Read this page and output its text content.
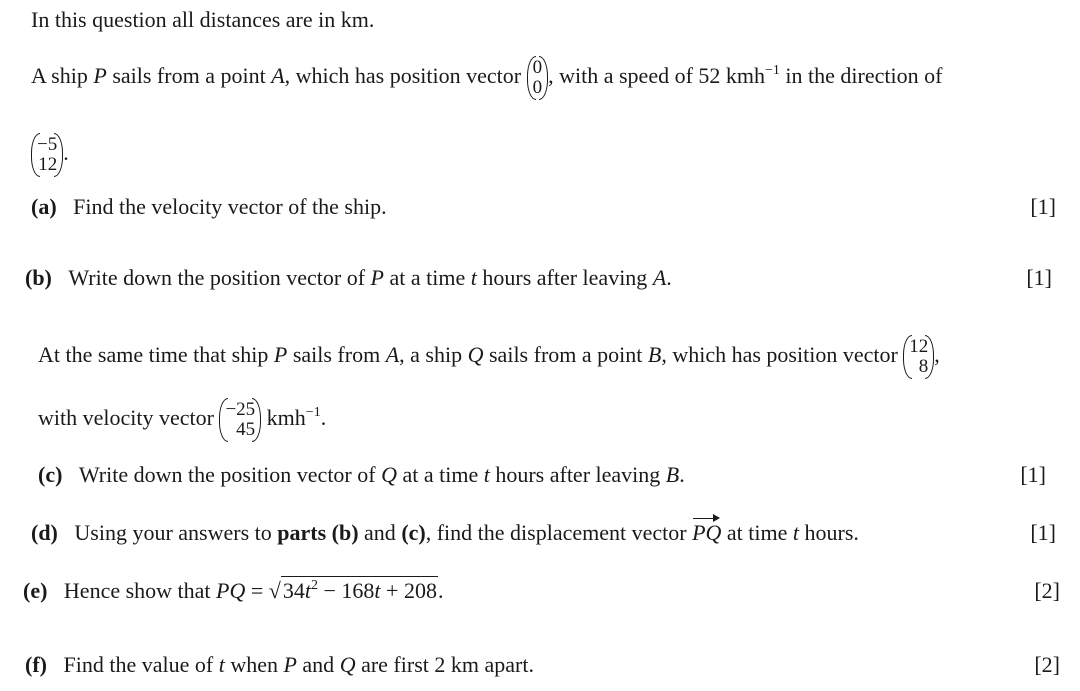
In this question all distances are in km.
A ship P sails from a point A, which has position vector 0
0 , with a speed of 52 kmh$^{-1}$ in the direction of
−5
12 .
(a) Find the velocity vector of the ship.	[1]
(b) Write down the position vector of P at a time t hours after leaving A.	[1]
At the same time that ship P sails from A, a ship Q sails from a point B, which has position vector 12
8 ,
with velocity vector −25
45 kmh$^{-1}$.
(c) Write down the position vector of Q at a time t hours after leaving B.	[1]
(d) Using your answers to parts (b) and (c), find the displacement vector PQ at time t hours.	[1]
(e) Hence show that PQ = $√34t^2 - 168t + 208$.	[2]
(f) Find the value of t when P and Q are first 2 km apart.	[2]
